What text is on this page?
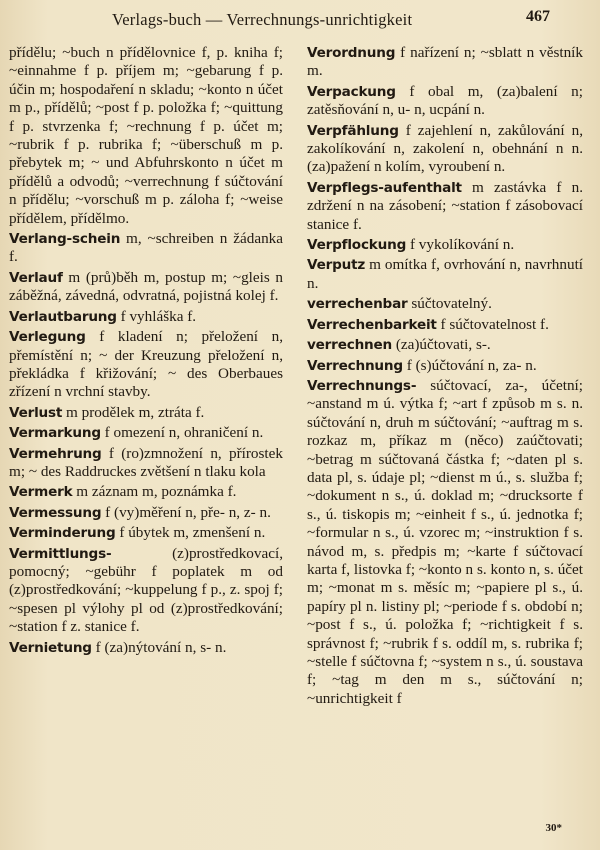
Verlags-buch — Verrechnungs-unrichtigkeit	467
přídělu; ~buch n přídělovnice f, p. kniha f; ~einnahme f p. příjem m; ~gebarung f p. účin m; hospodaření n skladu; ~konto n účet m p., přídělů; ~post f p. položka f; ~quittung f p. stvrzenka f; ~rechnung f p. účet m; ~rubrik f p. rubrika f; ~überschuß m p. přebytek m; ~ und Abfuhrskonto n účet m přídělů a odvodů; ~verrechnung f súčtování n přídělu; ~vorschuß m p. záloha f; ~weise přídělem, přídělmo.
Verlang-schein m, ~schreiben n žádanka f.
Verlauf m (prů)běh m, postup m; ~gleis n záběžná, závedná, odvratná, pojistná kolej f.
Verlautbarung f vyhláška f.
Verlegung f kladení n; přeložení n, přemístění n; ~ der Kreuzung přeložení n, překládka f křižování; ~ des Oberbaues zřízení n vrchní stavby.
Verlust m prodělek m, ztráta f.
Vermarkung f omezení n, ohraničení n.
Vermehrung f (ro)zmnožení n, přírostek m; ~ des Raddruckes zvětšení n tlaku kola
Vermerk m záznam m, poznámka f.
Vermessung f (vy)měření n, pře- n, z- n.
Verminderung f úbytek m, zmenšení n.
Vermittlungs-	(z)prostředkovací, pomocný; ~gebühr f poplatek m od (z)prostředkování; ~kuppelung f p., z. spoj f; ~spesen pl výlohy pl od (z)prostředkování; ~station f z. stanice f.
Vernietung f (za)nýtování n, s- n.
Verordnung f nařízení n; ~sblatt n věstník m.
Verpackung f obal m, (za)balení n; zatěsňování n, u- n, ucpání n.
Verpfählung f zajehlení n, zakůlování n, zakolíkování n, zakolení n, obehnání n n. (za)pažení n kolím, vyroubení n.
Verpflegs-aufenthalt m zastávka f n. zdržení n na zásobení; ~station f zásobovací stanice f.
Verpflockung f vykolíkování n.
Verputz m omítka f, ovrhování n, navrhnutí n.
verrechenbar súčtovatelný.
Verrechenbarkeit f súčtovatelnost f.
verrechnen (za)účtovati, s-.
Verrechnung f (s)účtování n, za- n.
Verrechnungs- súčtovací, za-, účetní; ~anstand m ú. výtka f; ~art f způsob m s. n. súčtování n, druh m súčtování; ~auftrag m s. rozkaz m, příkaz m (něco) zaúčtovati; ~betrag m súčtovaná částka f; ~daten pl s. data pl, s. údaje pl; ~dienst m ú., s. služba f; ~dokument n s., ú. doklad m; ~drucksorte f s., ú. tiskopis m; ~einheit f s., ú. jednotka f; ~formular n s., ú. vzorec m; ~instruktion f s. návod m, s. předpis m; ~karte f súčtovací karta f, listovka f; ~konto n s. konto n, s. účet m; ~monat m s. měsíc m; ~papiere pl s., ú. papíry pl n. listiny pl; ~periode f s. období n; ~post f s., ú. položka f; ~richtigkeit f s. správnost f; ~rubrik f s. oddíl m, s. rubrika f; ~stelle f súčtovna f; ~system n s., ú. soustava f; ~tag m den m s., súčtování n; ~unrichtigkeit f
30*
